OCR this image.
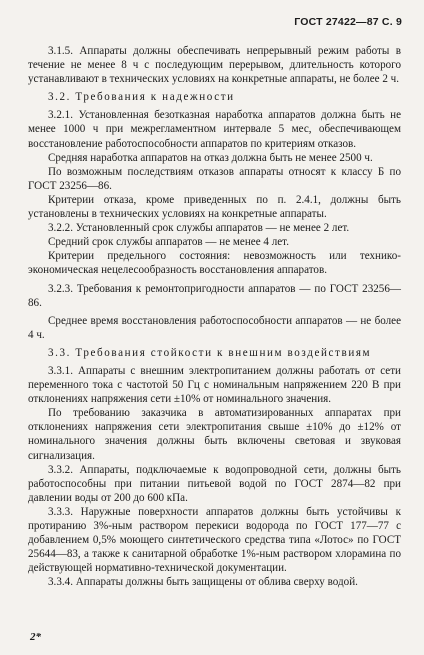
ГОСТ 27422—87 С. 9

3.1.5. Аппараты должны обеспечивать непрерывный режим работы в течение не менее 8 ч с последующим перерывом, длительность которого устанавливают в технических условиях на конкретные аппараты, не более 2 ч.

3.2. Требования к надежности

3.2.1. Установленная безотказная наработка аппаратов должна быть не менее 1000 ч при межрегламентном интервале 5 мес, обеспечивающем восстановление работоспособности аппаратов по критериям отказов.

Средняя наработка аппаратов на отказ должна быть не менее 2500 ч.

По возможным последствиям отказов аппараты относят к классу Б по ГОСТ 23256—86.

Критерии отказа, кроме приведенных по п. 2.4.1, должны быть установлены в технических условиях на конкретные аппараты.

3.2.2. Установленный срок службы аппаратов — не менее 2 лет.

Средний срок службы аппаратов — не менее 4 лет.

Критерии предельного состояния: невозможность или технико-экономическая нецелесообразность восстановления аппаратов.

3.2.3. Требования к ремонтопригодности аппаратов — по ГОСТ 23256—86.

Среднее время восстановления работоспособности аппаратов — не более 4 ч.

3.3. Требования стойкости к внешним воздействиям

3.3.1. Аппараты с внешним электропитанием должны работать от сети переменного тока с частотой 50 Гц с номинальным напряжением 220 В при отклонениях напряжения сети ±10% от номинального значения.

По требованию заказчика в автоматизированных аппаратах при отклонениях напряжения сети электропитания свыше ±10% до ±12% от номинального значения должны быть включены световая и звуковая сигнализация.

3.3.2. Аппараты, подключаемые к водопроводной сети, должны быть работоспособны при питании питьевой водой по ГОСТ 2874—82 при давлении воды от 200 до 600 кПа.

3.3.3. Наружные поверхности аппаратов должны быть устойчивы к протиранию 3%-ным раствором перекиси водорода по ГОСТ 177—77 с добавлением 0,5% моющего синтетического средства типа «Лотос» по ГОСТ 25644—83, а также к санитарной обработке 1%-ным раствором хлорамина по действующей нормативно-технической документации.

3.3.4. Аппараты должны быть защищены от облива сверху водой.

2*
